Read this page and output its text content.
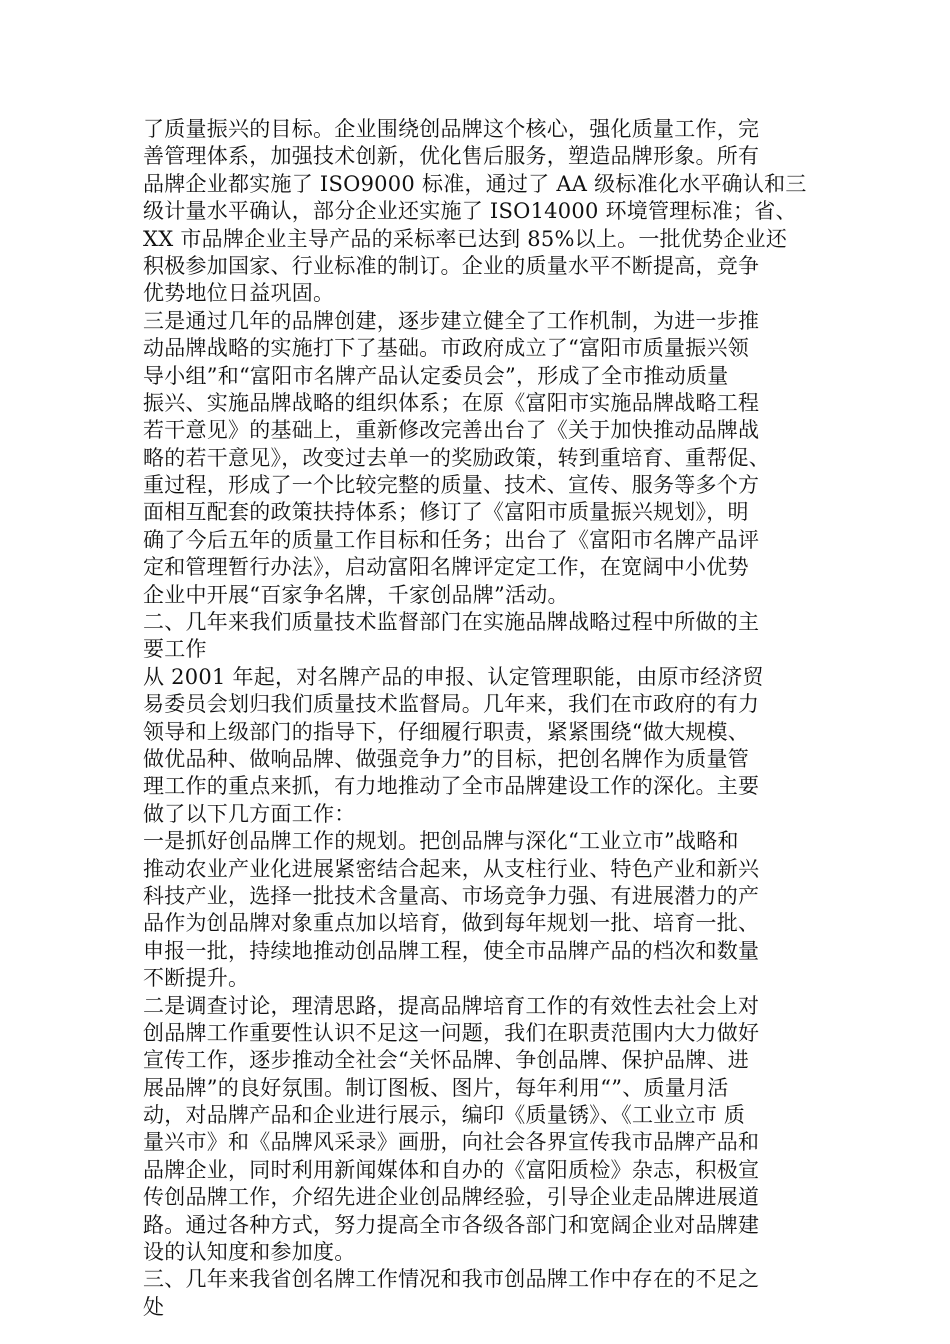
了质量振兴的目标。企业围绕创品牌这个核心，强化质量工作，完
善管理体系，加强技术创新，优化售后服务，塑造品牌形象。所有
品牌企业都实施了 ISO9000 标准，通过了 AA 级标准化水平确认和三
级计量水平确认，部分企业还实施了 ISO14000 环境管理标准；省、
XX 市品牌企业主导产品的采标率已达到 85%以上。一批优势企业还
积极参加国家、行业标准的制订。企业的质量水平不断提高，竞争
优势地位日益巩固。
三是通过几年的品牌创建，逐步建立健全了工作机制，为进一步推
动品牌战略的实施打下了基础。市政府成立了“富阳市质量振兴领
导小组”和“富阳市名牌产品认定委员会”，形成了全市推动质量
振兴、实施品牌战略的组织体系；在原《富阳市实施品牌战略工程
若干意见》的基础上，重新修改完善出台了《关于加快推动品牌战
略的若干意见》，改变过去单一的奖励政策，转到重培育、重帮促、
重过程，形成了一个比较完整的质量、技术、宣传、服务等多个方
面相互配套的政策扶持体系；修订了《富阳市质量振兴规划》，明
确了今后五年的质量工作目标和任务；出台了《富阳市名牌产品评
定和管理暂行办法》，启动富阳名牌评定定工作，在宽阔中小优势
企业中开展“百家争名牌，千家创品牌”活动。
二、几年来我们质量技术监督部门在实施品牌战略过程中所做的主
要工作
从 2001 年起，对名牌产品的申报、认定管理职能，由原市经济贸
易委员会划归我们质量技术监督局。几年来，我们在市政府的有力
领导和上级部门的指导下，仔细履行职责，紧紧围绕“做大规模、
做优品种、做响品牌、做强竞争力”的目标，把创名牌作为质量管
理工作的重点来抓，有力地推动了全市品牌建设工作的深化。主要
做了以下几方面工作：
一是抓好创品牌工作的规划。把创品牌与深化“工业立市”战略和
推动农业产业化进展紧密结合起来，从支柱行业、特色产业和新兴
科技产业，选择一批技术含量高、市场竞争力强、有进展潜力的产
品作为创品牌对象重点加以培育，做到每年规划一批、培育一批、
申报一批，持续地推动创品牌工程，使全市品牌产品的档次和数量
不断提升。
二是调查讨论，理清思路，提高品牌培育工作的有效性去社会上对
创品牌工作重要性认识不足这一问题，我们在职责范围内大力做好
宣传工作，逐步推动全社会“关怀品牌、争创品牌、保护品牌、进
展品牌”的良好氛围。制订图板、图片，每年利用“”、质量月活
动，对品牌产品和企业进行展示，编印《质量锈》、《工业立市 质
量兴市》和《品牌风采录》画册，向社会各界宣传我市品牌产品和
品牌企业，同时利用新闻媒体和自办的《富阳质检》杂志，积极宣
传创品牌工作，介绍先进企业创品牌经验，引导企业走品牌进展道
路。通过各种方式，努力提高全市各级各部门和宽阔企业对品牌建
设的认知度和参加度。
三、几年来我省创名牌工作情况和我市创品牌工作中存在的不足之
处
